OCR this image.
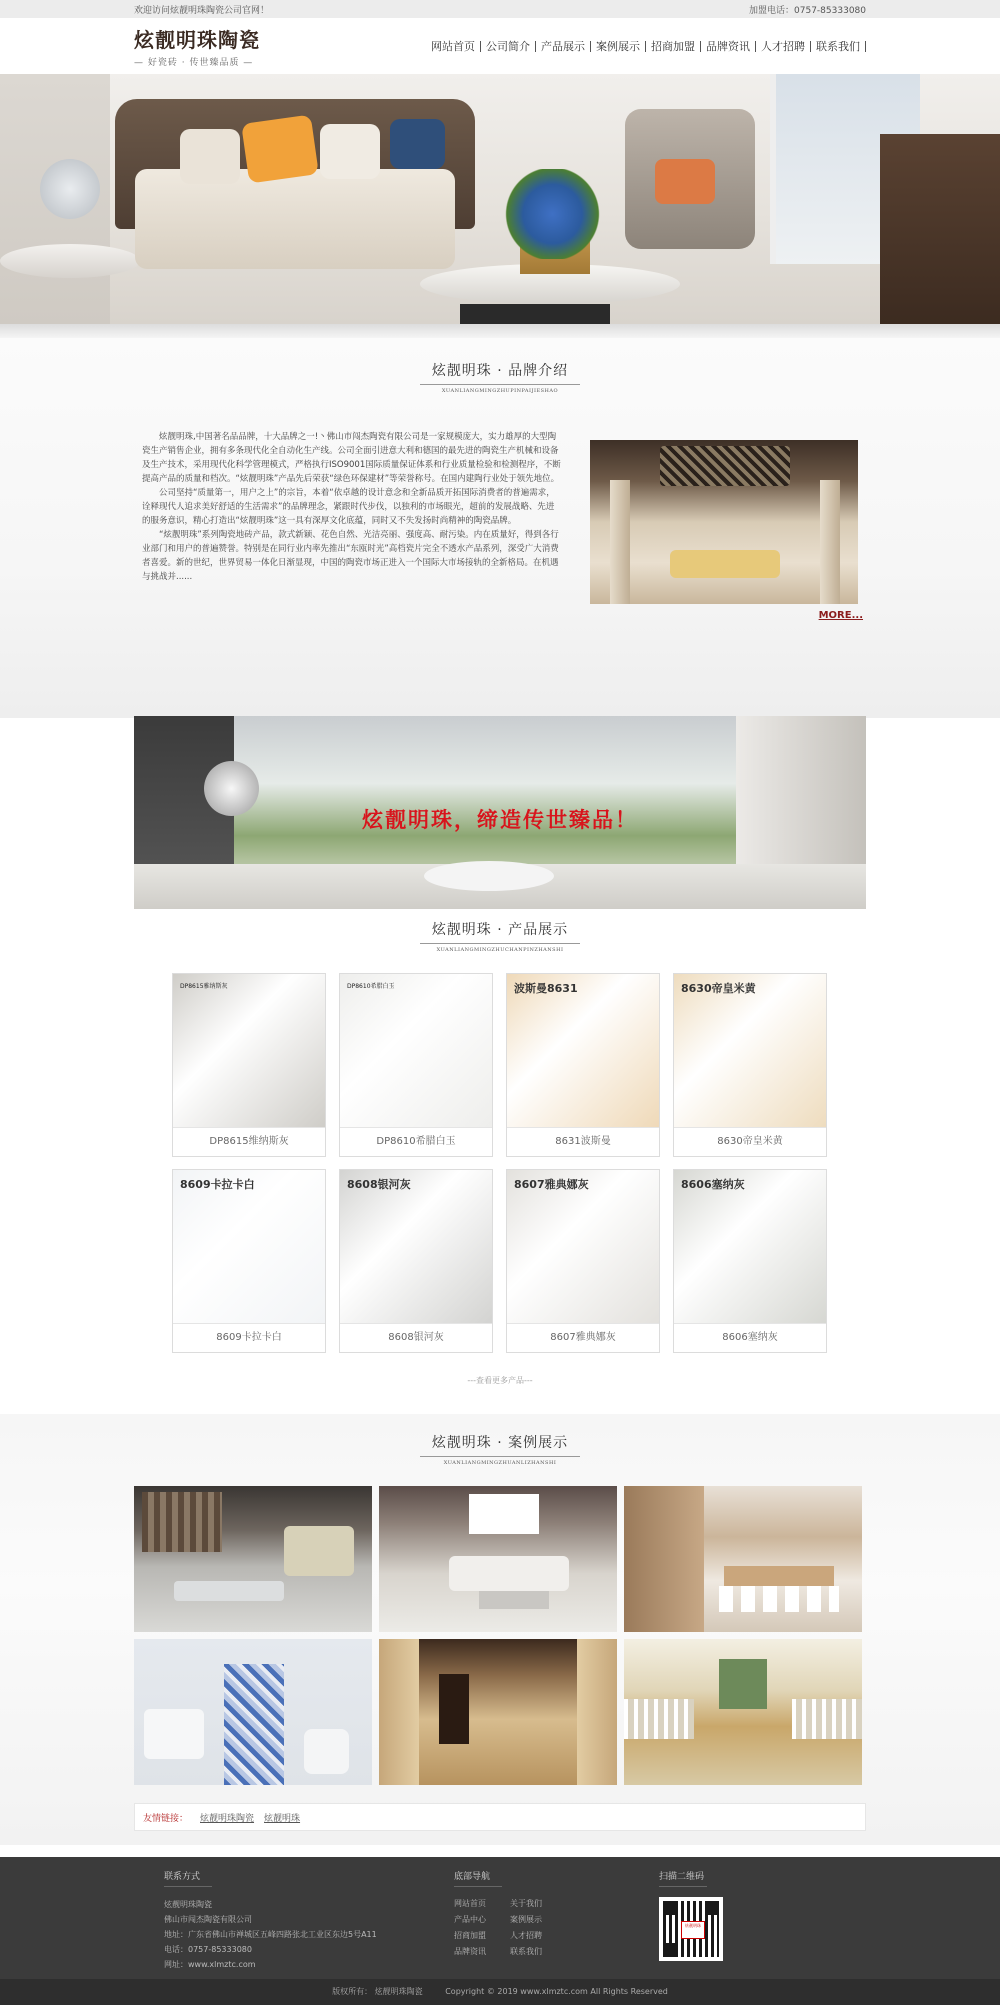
欢迎访问炫靓明珠陶瓷公司官网！	加盟电话：0757-85333080
炫靓明珠陶瓷
— 好瓷砖 · 传世臻品质 —
网站首页	公司简介	产品展示	案例展示	招商加盟	品牌资讯	人才招聘	联系我们
炫靓明珠 · 品牌介绍
XUANLIANGMINGZHUPINPAIJIESHAO

炫靓明珠,中国著名品品牌，十大品牌之一!丶佛山市闯杰陶瓷有限公司是一家规模庞大，实力雄厚的大型陶瓷生产销售企业，拥有多条现代化全自动化生产线。公司全面引进意大利和德国的最先进的陶瓷生产机械和设备及生产技术，采用现代化科学管理模式，严格执行ISO9001国际质量保证体系和行业质量检验和检测程序，不断提高产品的质量和档次。“炫靓明珠”产品先后荣获“绿色环保建材”等荣誉称号。在国内建陶行业处于领先地位。

公司坚持“质量第一，用户之上”的宗旨，本着“依卓越的设计意念和全新品质开拓国际消费者的普遍需求，诠释现代人追求美好舒适的生活需求”的品牌理念，紧跟时代步伐，以独利的市场眼光，超前的发展战略、先进的服务意识，精心打造出“炫靓明珠”这一具有深厚文化底蕴，同时又不失发扬时尚精神的陶瓷品牌。

“炫靓明珠”系列陶瓷地砖产品，款式新颖、花色自然、光洁亮丽、强度高、耐污染。内在质量好，得到各行业部门和用户的普遍赞誉。特别是在同行业内率先推出“东瓯时光”高档瓷片完全不透水产品系列，深受广大消费者喜爱。新的世纪，世界贸易一体化日渐显现，中国的陶瓷市场正进入一个国际大市场接轨的全新格局。在机遇与挑战并......

MORE...
炫靓明珠，缔造传世臻品！
炫靓明珠 · 产品展示
XUANLIANGMINGZHUCHANPINZHANSHI
DP8615雅纳斯灰
DP8615维纳斯灰
DP8610希腊白玉
DP8610希腊白玉
波斯曼8631
8631波斯曼
8630帝皇米黄
8630帝皇米黄
8609卡拉卡白
8609卡拉卡白
8608银河灰
8608银河灰
8607雅典娜灰
8607雅典娜灰
8606塞纳灰
8606塞纳灰
---查看更多产品---
炫靓明珠 · 案例展示
XUANLIANGMINGZHUANLIZHANSHI
友情链接： 炫靓明珠陶瓷 炫靓明珠
联系方式
炫靓明珠陶瓷
佛山市闯杰陶瓷有限公司
地址：广东省佛山市禅城区五峰四路张北工业区东边5号A11
电话：0757-85333080
网址：www.xlmztc.com
底部导航
网站首页	关于我们
产品中心	案例展示
招商加盟	人才招聘
品牌资讯	联系我们
扫描二维码
炫靓明珠
版权所有： 炫靓明珠陶瓷	Copyright © 2019 www.xlmztc.com All Rights Reserved
